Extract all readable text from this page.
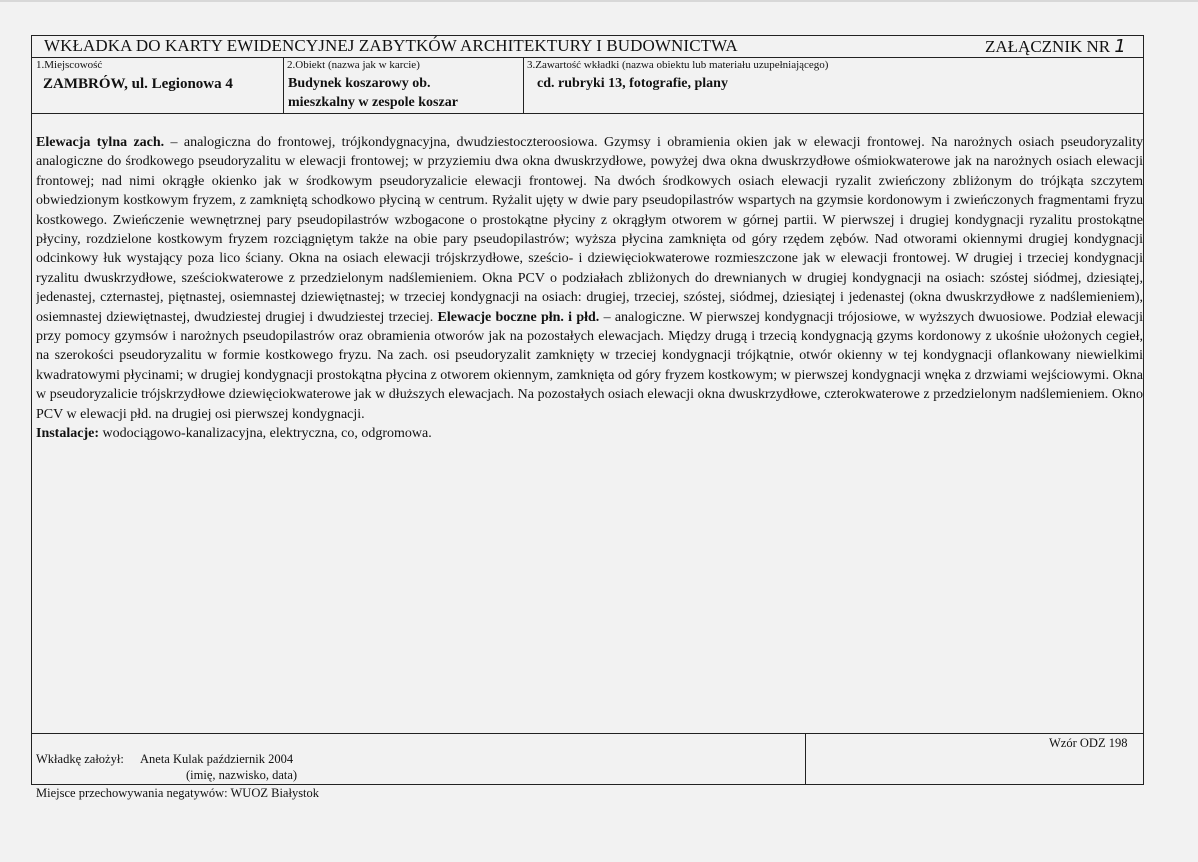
WKŁADKA DO KARTY EWIDENCYJNEJ ZABYTKÓW ARCHITEKTURY I BUDOWNICTWA	ZAŁĄCZNIK NR 1
1.Miejscowość
ZAMBRÓW, ul. Legionowa 4
2.Obiekt (nazwa jak w karcie)
Budynek koszarowy ob.
mieszkalny w zespole koszar
3.Zawartość wkładki (nazwa obiektu lub materiału uzupełniającego)
cd. rubryki 13, fotografie, plany

Elewacja tylna zach. – analogiczna do frontowej, trójkondygnacyjna, dwudziestoczteroosiowa. Gzymsy i obramienia okien jak w elewacji frontowej. Na narożnych osiach pseudoryzality analogiczne do środkowego pseudoryzalitu w elewacji frontowej; w przyziemiu dwa okna dwuskrzydłowe, powyżej dwa okna dwuskrzydłowe ośmiokwaterowe jak na narożnych osiach elewacji frontowej; nad nimi okrągłe okienko jak w środkowym pseudoryzalicie elewacji frontowej. Na dwóch środkowych osiach elewacji ryzalit zwieńczony zbliżonym do trójkąta szczytem obwiedzionym kostkowym fryzem, z zamkniętą schodkowo płyciną w centrum. Ryżalit ujęty w dwie pary pseudopilastrów wspartych na gzymsie kordonowym i zwieńczonych fragmentami fryzu kostkowego. Zwieńczenie wewnętrznej pary pseudopilastrów wzbogacone o prostokątne płyciny z okrągłym otworem w górnej partii. W pierwszej i drugiej kondygnacji ryzalitu prostokątne płyciny, rozdzielone kostkowym fryzem rozciągniętym także na obie pary pseudopilastrów; wyższa płycina zamknięta od góry rzędem zębów. Nad otworami okiennymi drugiej kondygnacji odcinkowy łuk wystający poza lico ściany. Okna na osiach elewacji trójskrzydłowe, sześcio- i dziewięciokwaterowe rozmieszczone jak w elewacji frontowej. W drugiej i trzeciej kondygnacji ryzalitu dwuskrzydłowe, sześciokwaterowe z przedzielonym nadślemieniem. Okna PCV o podziałach zbliżonych do drewnianych w drugiej kondygnacji na osiach: szóstej siódmej, dziesiątej, jedenastej, czternastej, piętnastej, osiemnastej dziewiętnastej; w trzeciej kondygnacji na osiach: drugiej, trzeciej, szóstej, siódmej, dziesiątej i jedenastej (okna dwuskrzydłowe z nadślemieniem), osiemnastej dziewiętnastej, dwudziestej drugiej i dwudziestej trzeciej. Elewacje boczne płn. i płd. – analogiczne. W pierwszej kondygnacji trójosiowe, w wyższych dwuosiowe. Podział elewacji przy pomocy gzymsów i narożnych pseudopilastrów oraz obramienia otworów jak na pozostałych elewacjach. Między drugą i trzecią kondygnacją gzyms kordonowy z ukośnie ułożonych cegieł, na szerokości pseudoryzalitu w formie kostkowego fryzu. Na zach. osi pseudoryzalit zamknięty w trzeciej kondygnacji trójkątnie, otwór okienny w tej kondygnacji oflankowany niewielkimi kwadratowymi płycinami; w drugiej kondygnacji prostokątna płycina z otworem okiennym, zamknięta od góry fryzem kostkowym; w pierwszej kondygnacji wnęka z drzwiami wejściowymi. Okna w pseudoryzalicie trójskrzydłowe dziewięciokwaterowe jak w dłuższych elewacjach. Na pozostałych osiach elewacji okna dwuskrzydłowe, czterokwaterowe z przedzielonym nadślemieniem. Okno PCV w elewacji płd. na drugiej osi pierwszej kondygnacji.

Instalacje: wodociągowo-kanalizacyjna, elektryczna, co, odgromowa.

Wkładkę założył: Aneta Kulak październik 2004
(imię, nazwisko, data)
Wzór ODZ 198
Miejsce przechowywania negatywów: WUOZ Białystok
